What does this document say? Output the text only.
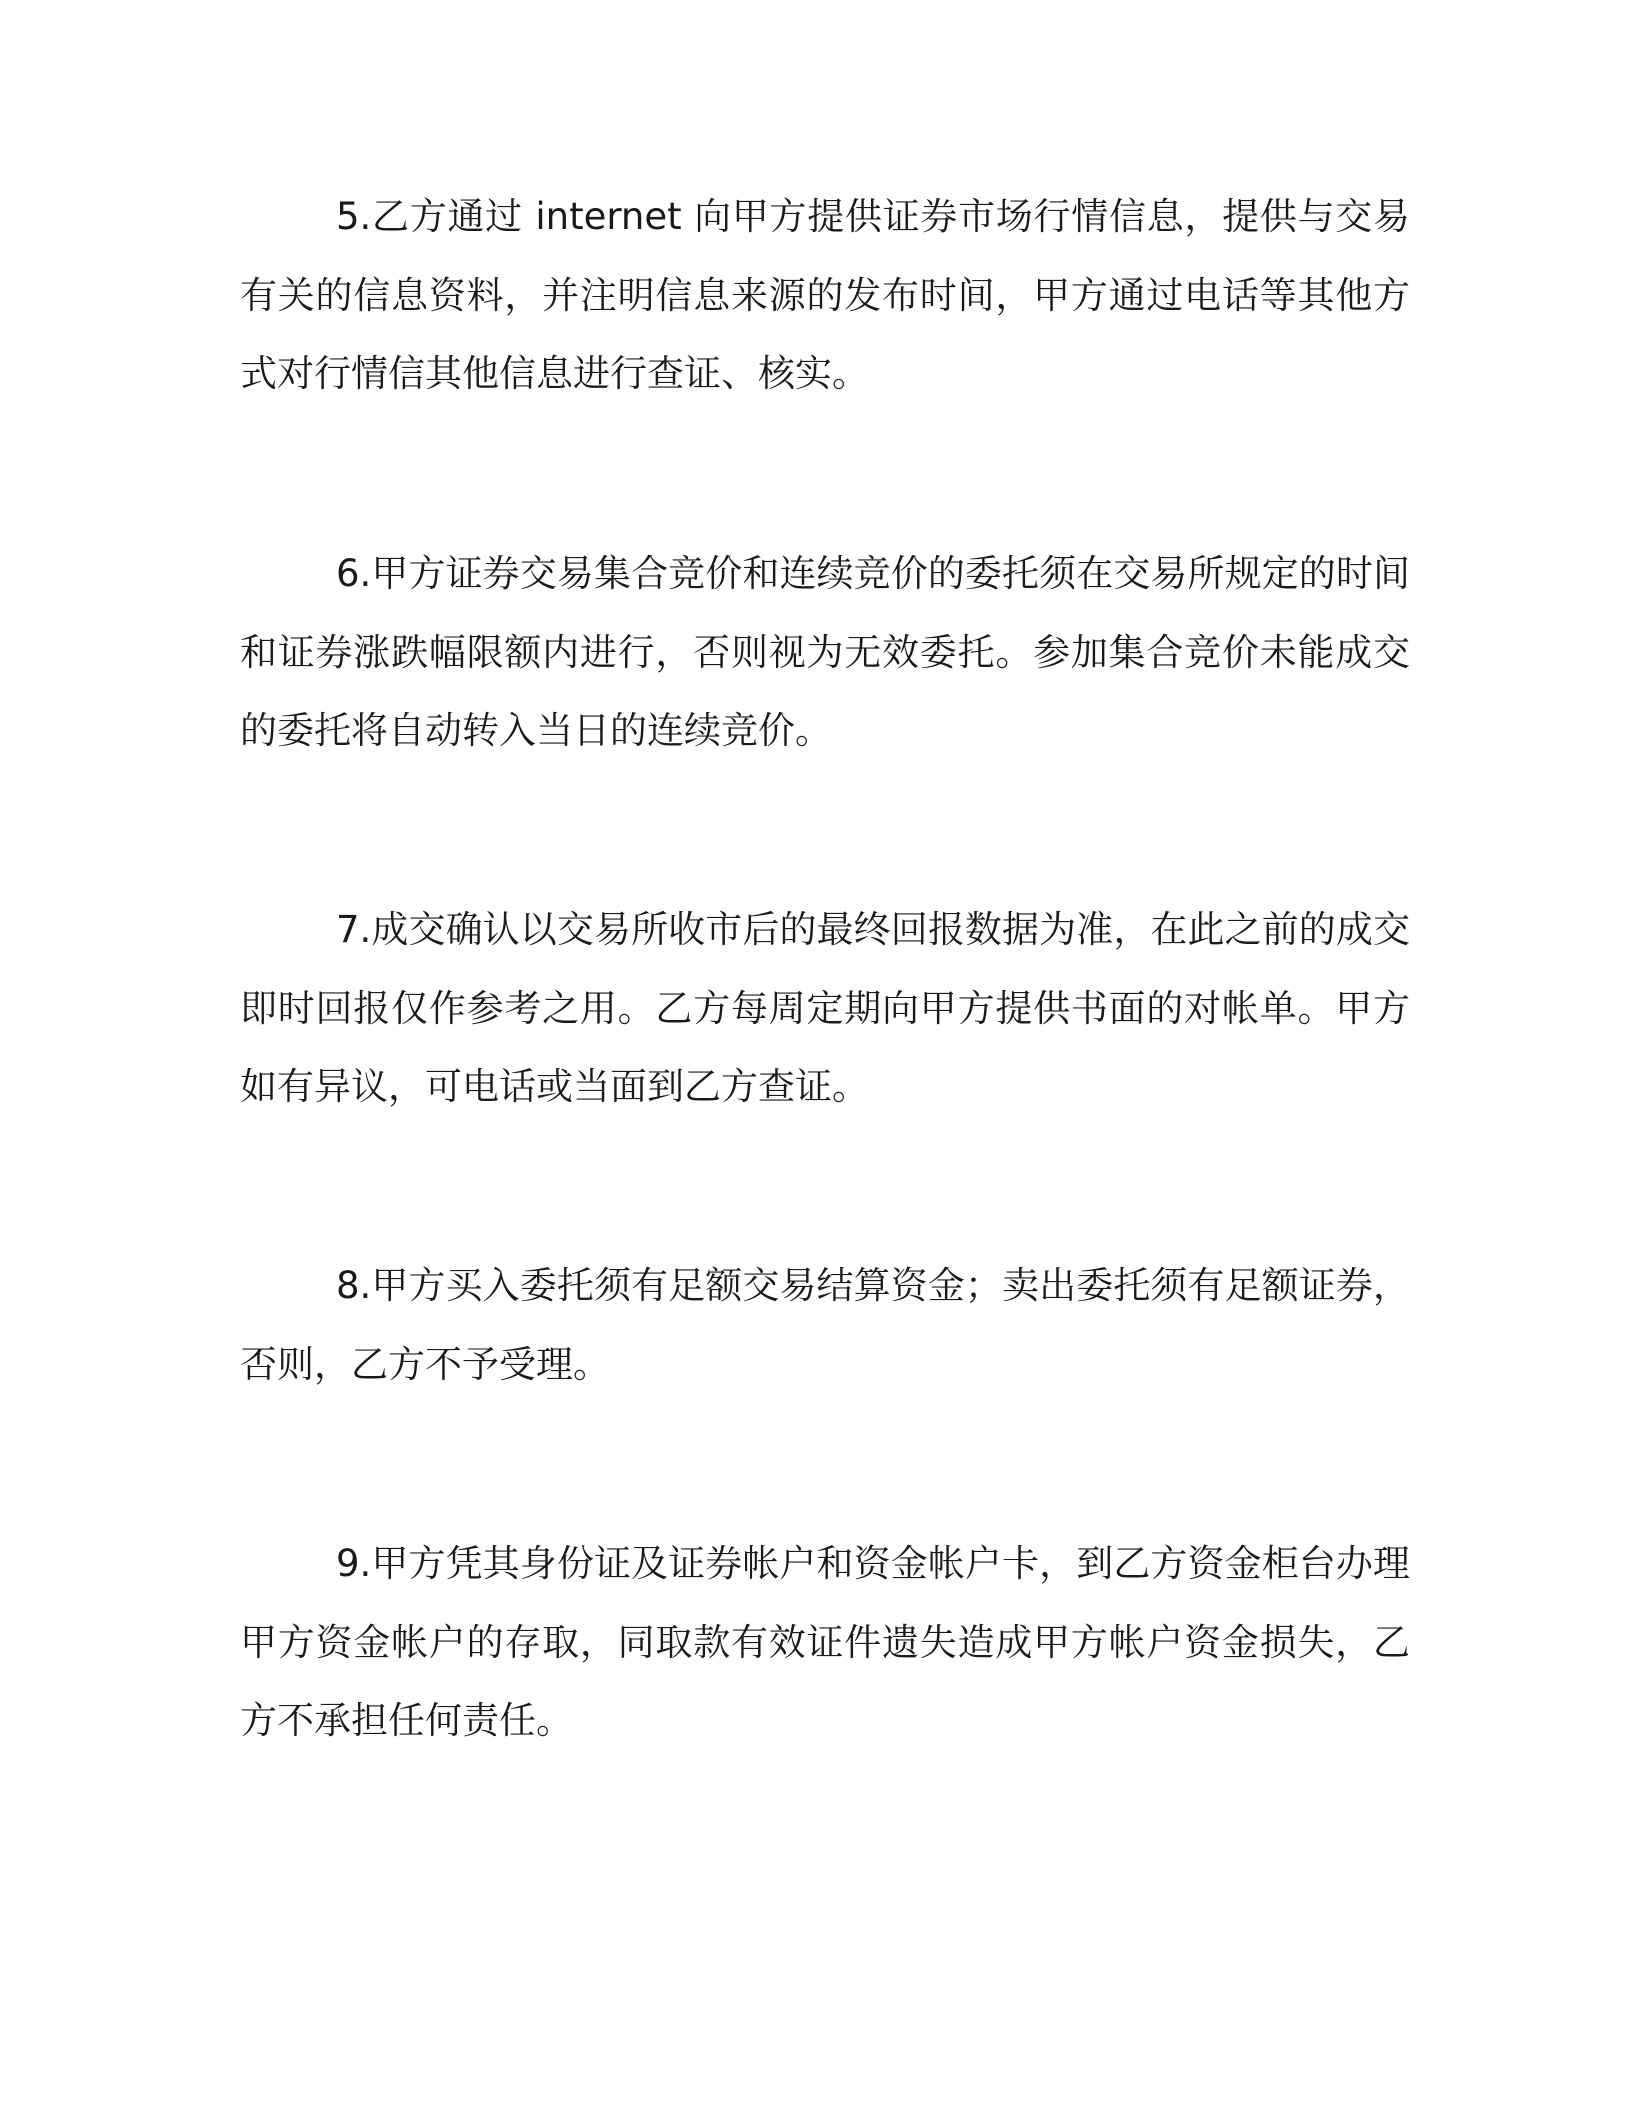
5.乙方通过 internet 向甲方提供证券市场行情信息，提供与交易有关的信息资料，并注明信息来源的发布时间，甲方通过电话等其他方式对行情信其他信息进行查证、核实。

6.甲方证券交易集合竞价和连续竞价的委托须在交易所规定的时间和证券涨跌幅限额内进行，否则视为无效委托。参加集合竞价未能成交的委托将自动转入当日的连续竞价。

7.成交确认以交易所收市后的最终回报数据为准，在此之前的成交即时回报仅作参考之用。乙方每周定期向甲方提供书面的对帐单。甲方如有异议，可电话或当面到乙方查证。

8.甲方买入委托须有足额交易结算资金；卖出委托须有足额证券，否则，乙方不予受理。

9.甲方凭其身份证及证券帐户和资金帐户卡，到乙方资金柜台办理甲方资金帐户的存取，同取款有效证件遗失造成甲方帐户资金损失，乙方不承担任何责任。
